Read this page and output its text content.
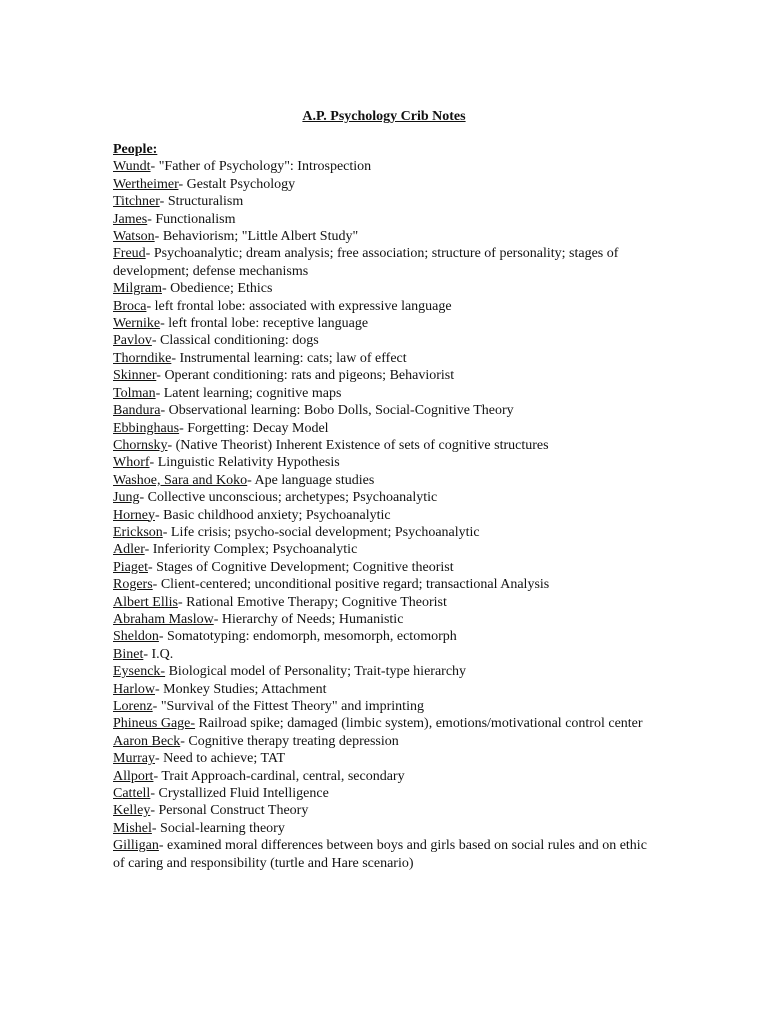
A.P. Psychology Crib Notes

People:

Wundt- "Father of Psychology": Introspection
Wertheimer- Gestalt Psychology
Titchner- Structuralism
James- Functionalism
Watson- Behaviorism; "Little Albert Study"
Freud- Psychoanalytic; dream analysis; free association; structure of personality; stages of development; defense mechanisms
Milgram- Obedience; Ethics
Broca- left frontal lobe: associated with expressive language
Wernike- left frontal lobe: receptive language
Pavlov- Classical conditioning: dogs
Thorndike- Instrumental learning: cats; law of effect
Skinner- Operant conditioning: rats and pigeons; Behaviorist
Tolman- Latent learning; cognitive maps
Bandura- Observational learning: Bobo Dolls, Social-Cognitive Theory
Ebbinghaus- Forgetting: Decay Model
Chornsky- (Native Theorist) Inherent Existence of sets of cognitive structures
Whorf- Linguistic Relativity Hypothesis
Washoe, Sara and Koko- Ape language studies
Jung- Collective unconscious; archetypes; Psychoanalytic
Horney- Basic childhood anxiety; Psychoanalytic
Erickson- Life crisis; psycho-social development; Psychoanalytic
Adler- Inferiority Complex; Psychoanalytic
Piaget- Stages of Cognitive Development; Cognitive theorist
Rogers- Client-centered; unconditional positive regard; transactional Analysis
Albert Ellis- Rational Emotive Therapy; Cognitive Theorist
Abraham Maslow- Hierarchy of Needs; Humanistic
Sheldon- Somatotyping: endomorph, mesomorph, ectomorph
Binet- I.Q.
Eysenck- Biological model of Personality; Trait-type hierarchy
Harlow- Monkey Studies; Attachment
Lorenz- "Survival of the Fittest Theory" and imprinting
Phineus Gage- Railroad spike; damaged (limbic system), emotions/motivational control center
Aaron Beck- Cognitive therapy treating depression
Murray- Need to achieve; TAT
Allport- Trait Approach-cardinal, central, secondary
Cattell- Crystallized Fluid Intelligence
Kelley- Personal Construct Theory
Mishel- Social-learning theory
Gilligan- examined moral differences between boys and girls based on social rules and on ethic of caring and responsibility (turtle and Hare scenario)
